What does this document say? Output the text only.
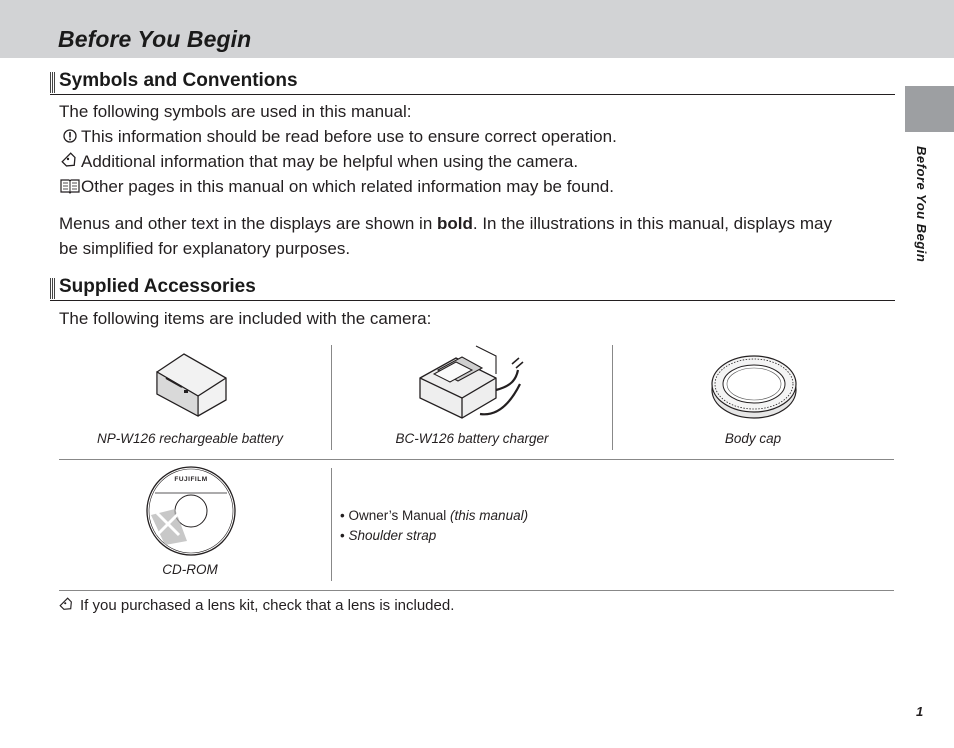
Before You Begin
Before You Begin
Symbols and Conventions
The following symbols are used in this manual:
This information should be read before use to ensure correct operation.
Additional information that may be helpful when using the camera.
Other pages in this manual on which related information may be found.
Menus and other text in the displays are shown in bold. In the illustrations in this manual, displays may
be simplified for explanatory purposes.
Supplied Accessories
The following items are included with the camera:
NP-W126 rechargeable battery	BC-W126 battery charger	Body cap
FUJIFILM
CD-ROM
• Owner’s Manual (this manual)
• Shoulder strap
If you purchased a lens kit, check that a lens is included.
1
